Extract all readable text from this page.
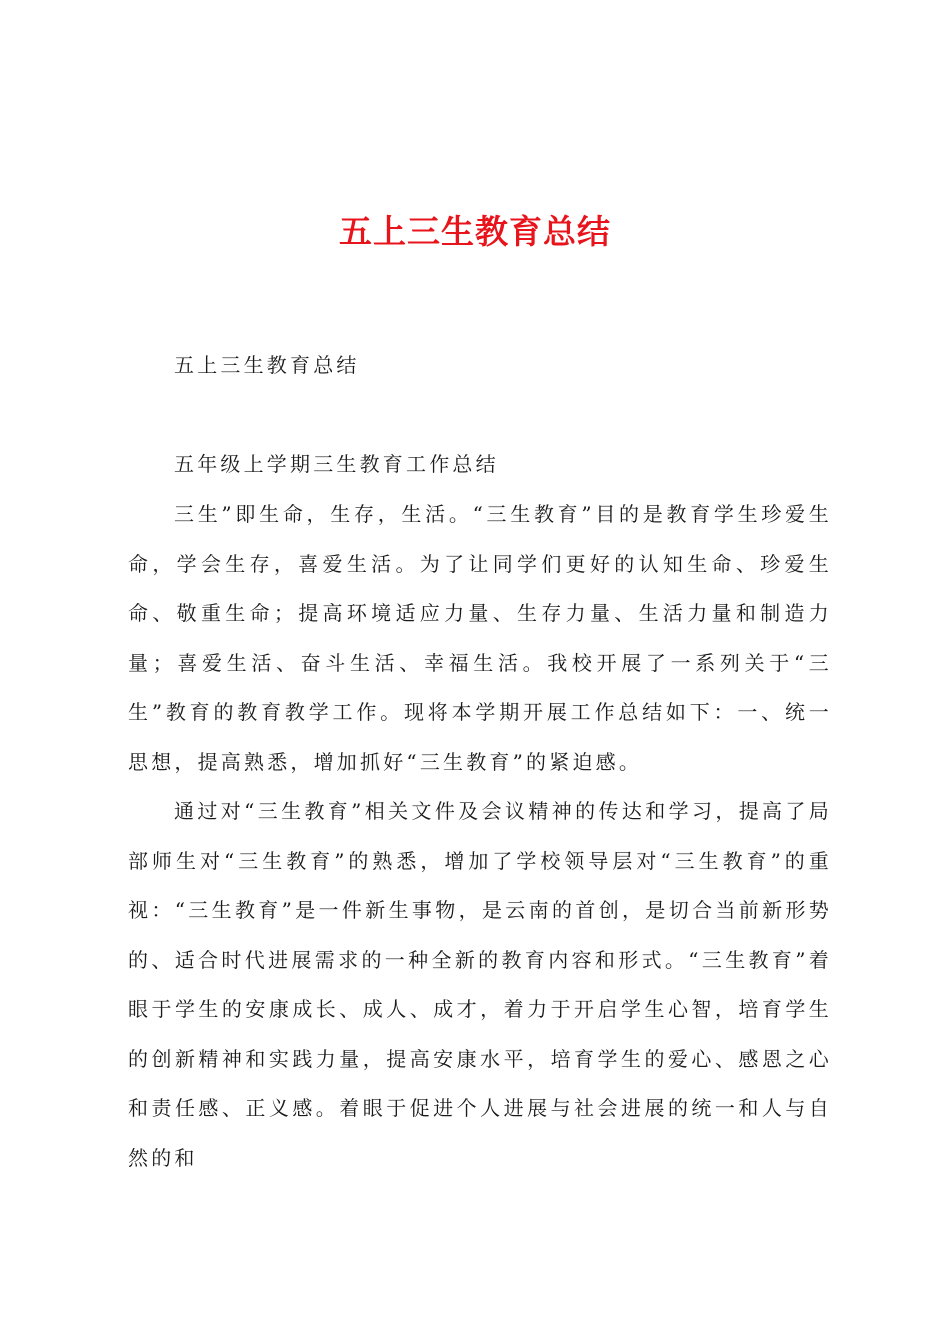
五上三生教育总结

五上三生教育总结

五年级上学期三生教育工作总结

三生”即生命，生存，生活。“三生教育”目的是教育学生珍爱生命，学会生存，喜爱生活。为了让同学们更好的认知生命、珍爱生命、敬重生命；提高环境适应力量、生存力量、生活力量和制造力量；喜爱生活、奋斗生活、幸福生活。我校开展了一系列关于“三生”教育的教育教学工作。现将本学期开展工作总结如下：一、统一思想，提高熟悉，增加抓好“三生教育”的紧迫感。

通过对“三生教育”相关文件及会议精神的传达和学习，提高了局部师生对“三生教育”的熟悉，增加了学校领导层对“三生教育”的重视：“三生教育”是一件新生事物，是云南的首创，是切合当前新形势的、适合时代进展需求的一种全新的教育内容和形式。“三生教育”着眼于学生的安康成长、成人、成才，着力于开启学生心智，培育学生的创新精神和实践力量，提高安康水平，培育学生的爱心、感恩之心和责任感、正义感。着眼于促进个人进展与社会进展的统一和人与自然的和
